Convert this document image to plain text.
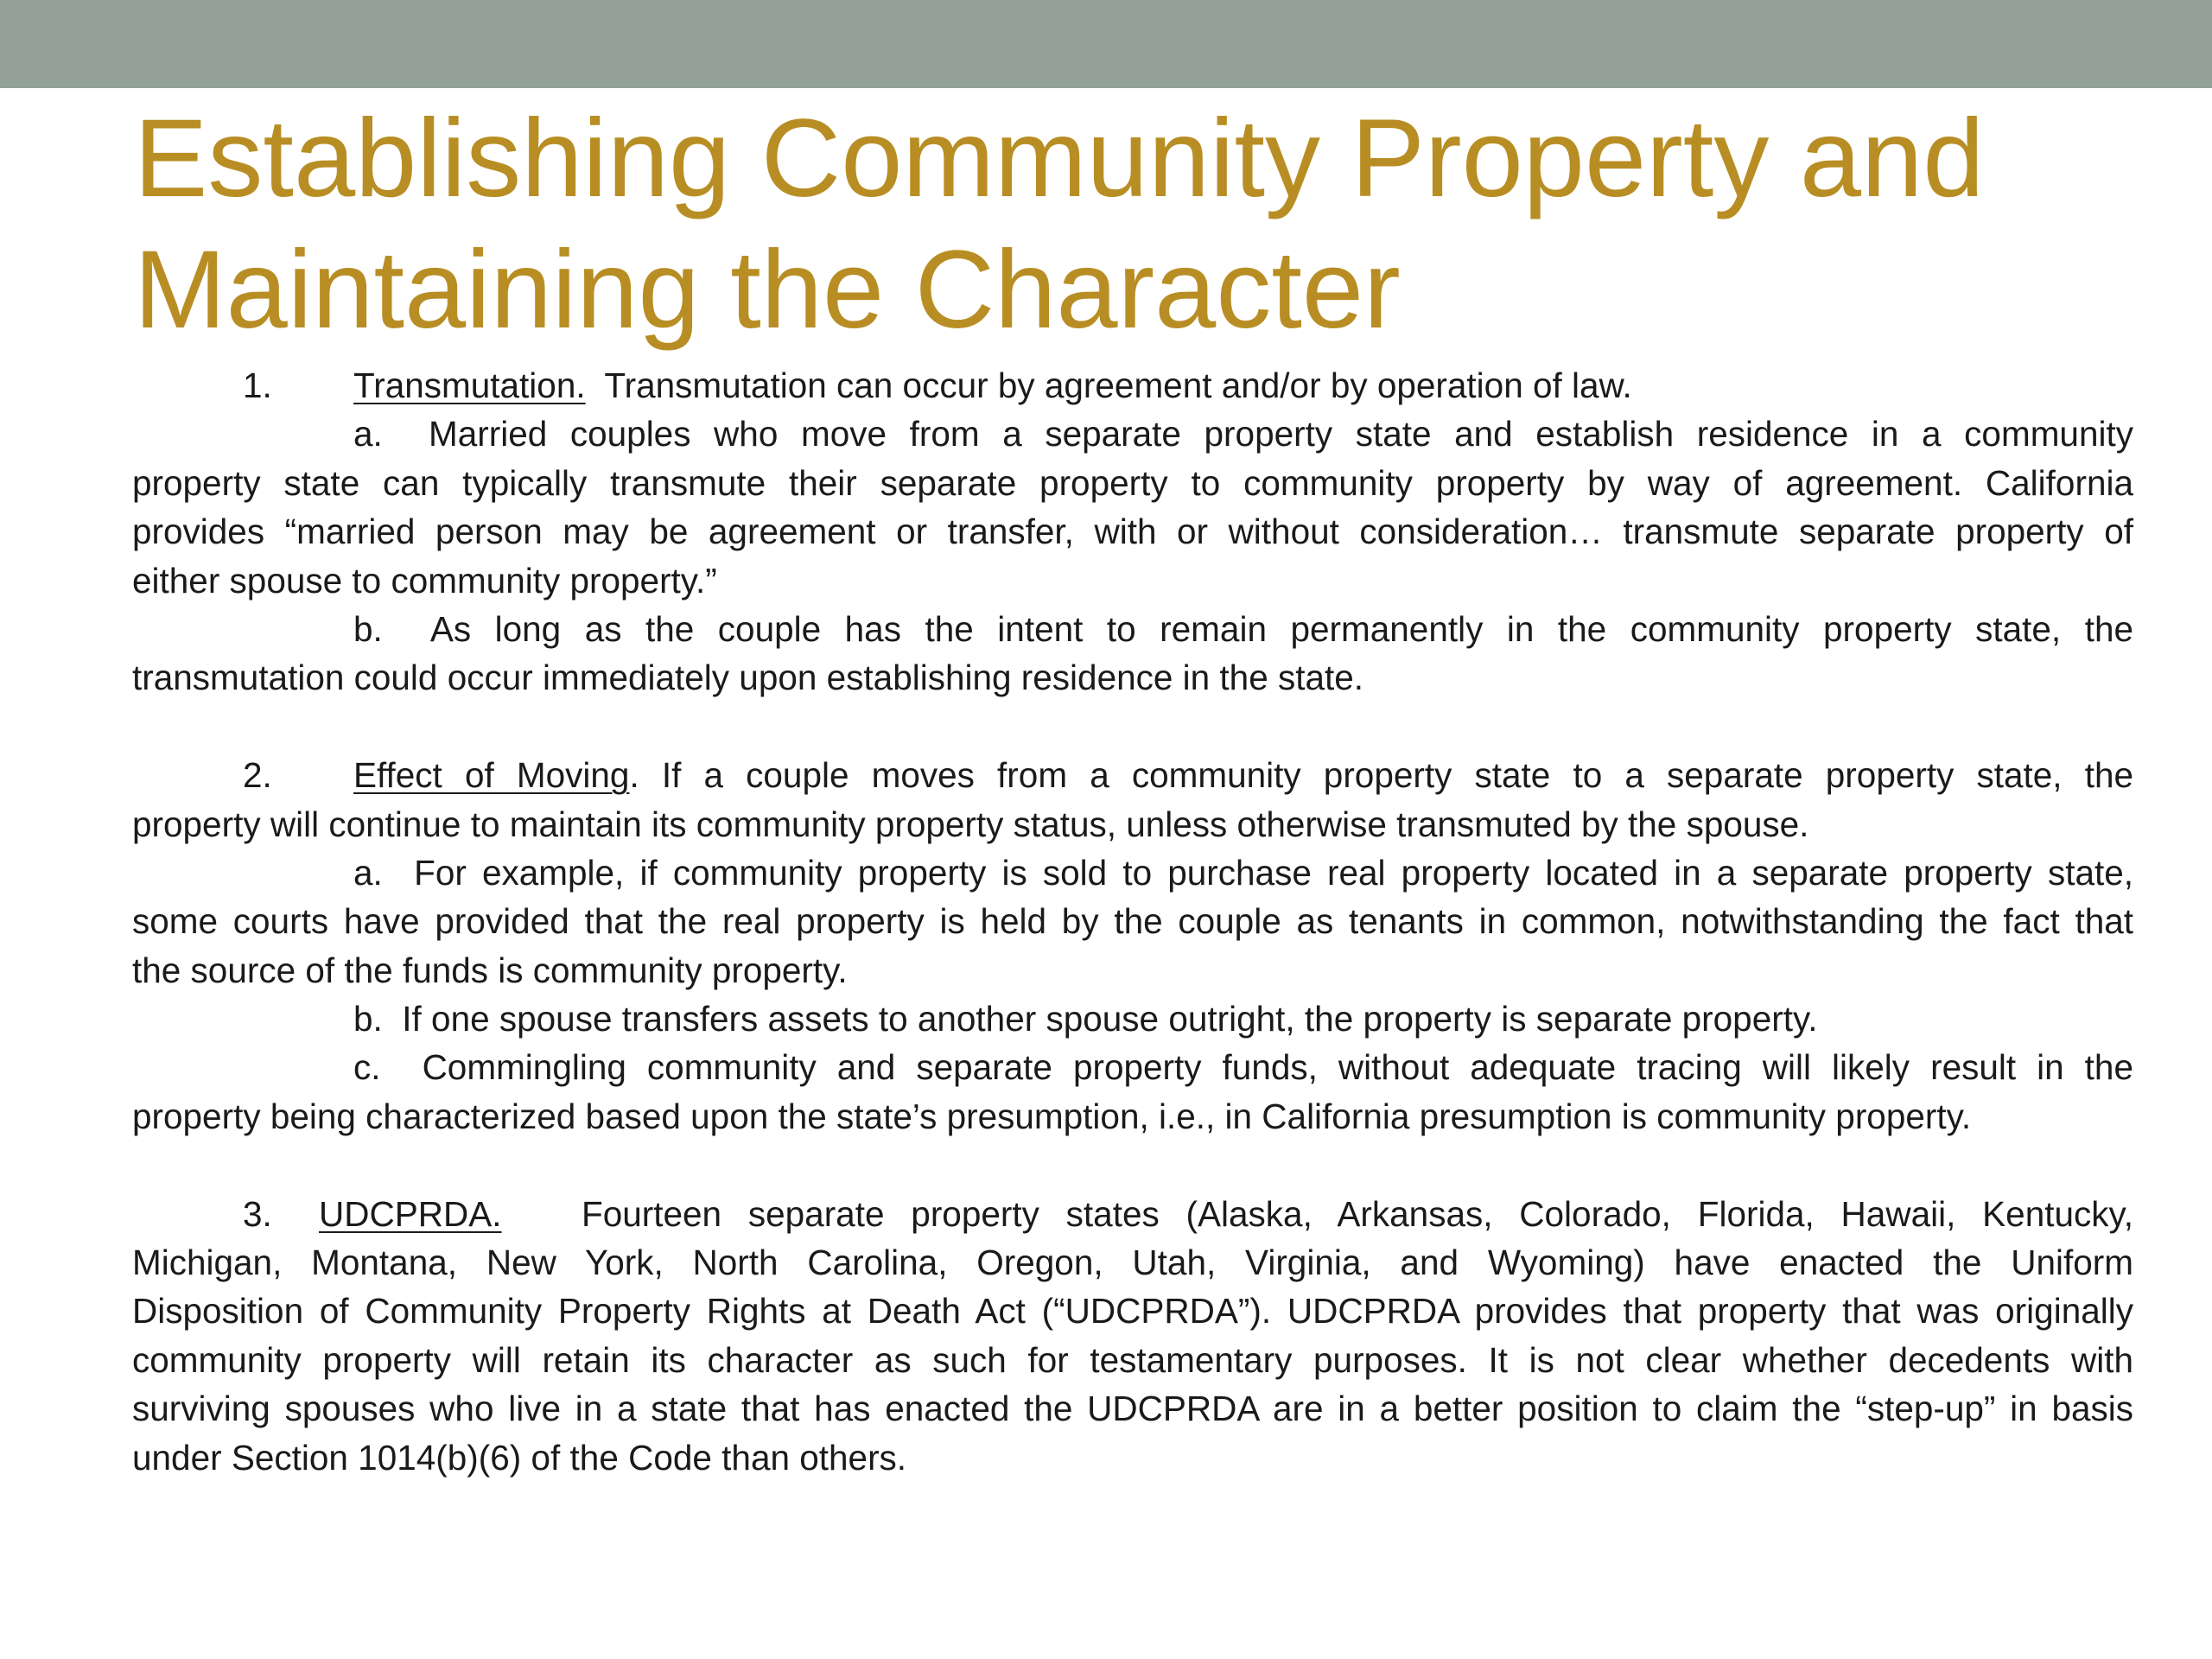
Establishing Community Property and
Maintaining the Character
1. Transmutation. Transmutation can occur by agreement and/or by operation of law.
a. Married couples who move from a separate property state and establish residence in a community
property state can typically transmute their separate property to community property by way of agreement. California
provides “married person may be agreement or transfer, with or without consideration… transmute separate property of
either spouse to community property.”
b. As long as the couple has the intent to remain permanently in the community property state, the
transmutation could occur immediately upon establishing residence in the state.
2. Effect of Moving. If a couple moves from a community property state to a separate property state, the
property will continue to maintain its community property status, unless otherwise transmuted by the spouse.
a. For example, if community property is sold to purchase real property located in a separate property state,
some courts have provided that the real property is held by the couple as tenants in common, notwithstanding the fact that
the source of the funds is community property.
b. If one spouse transfers assets to another spouse outright, the property is separate property.
c. Commingling community and separate property funds, without adequate tracing will likely result in the
property being characterized based upon the state’s presumption, i.e., in California presumption is community property.
3. UDCPRDA. Fourteen separate property states (Alaska, Arkansas, Colorado, Florida, Hawaii, Kentucky,
Michigan, Montana, New York, North Carolina, Oregon, Utah, Virginia, and Wyoming) have enacted the Uniform
Disposition of Community Property Rights at Death Act (“UDCPRDA”). UDCPRDA provides that property that was originally
community property will retain its character as such for testamentary purposes. It is not clear whether decedents with
surviving spouses who live in a state that has enacted the UDCPRDA are in a better position to claim the “step-up” in basis
under Section 1014(b)(6) of the Code than others.
